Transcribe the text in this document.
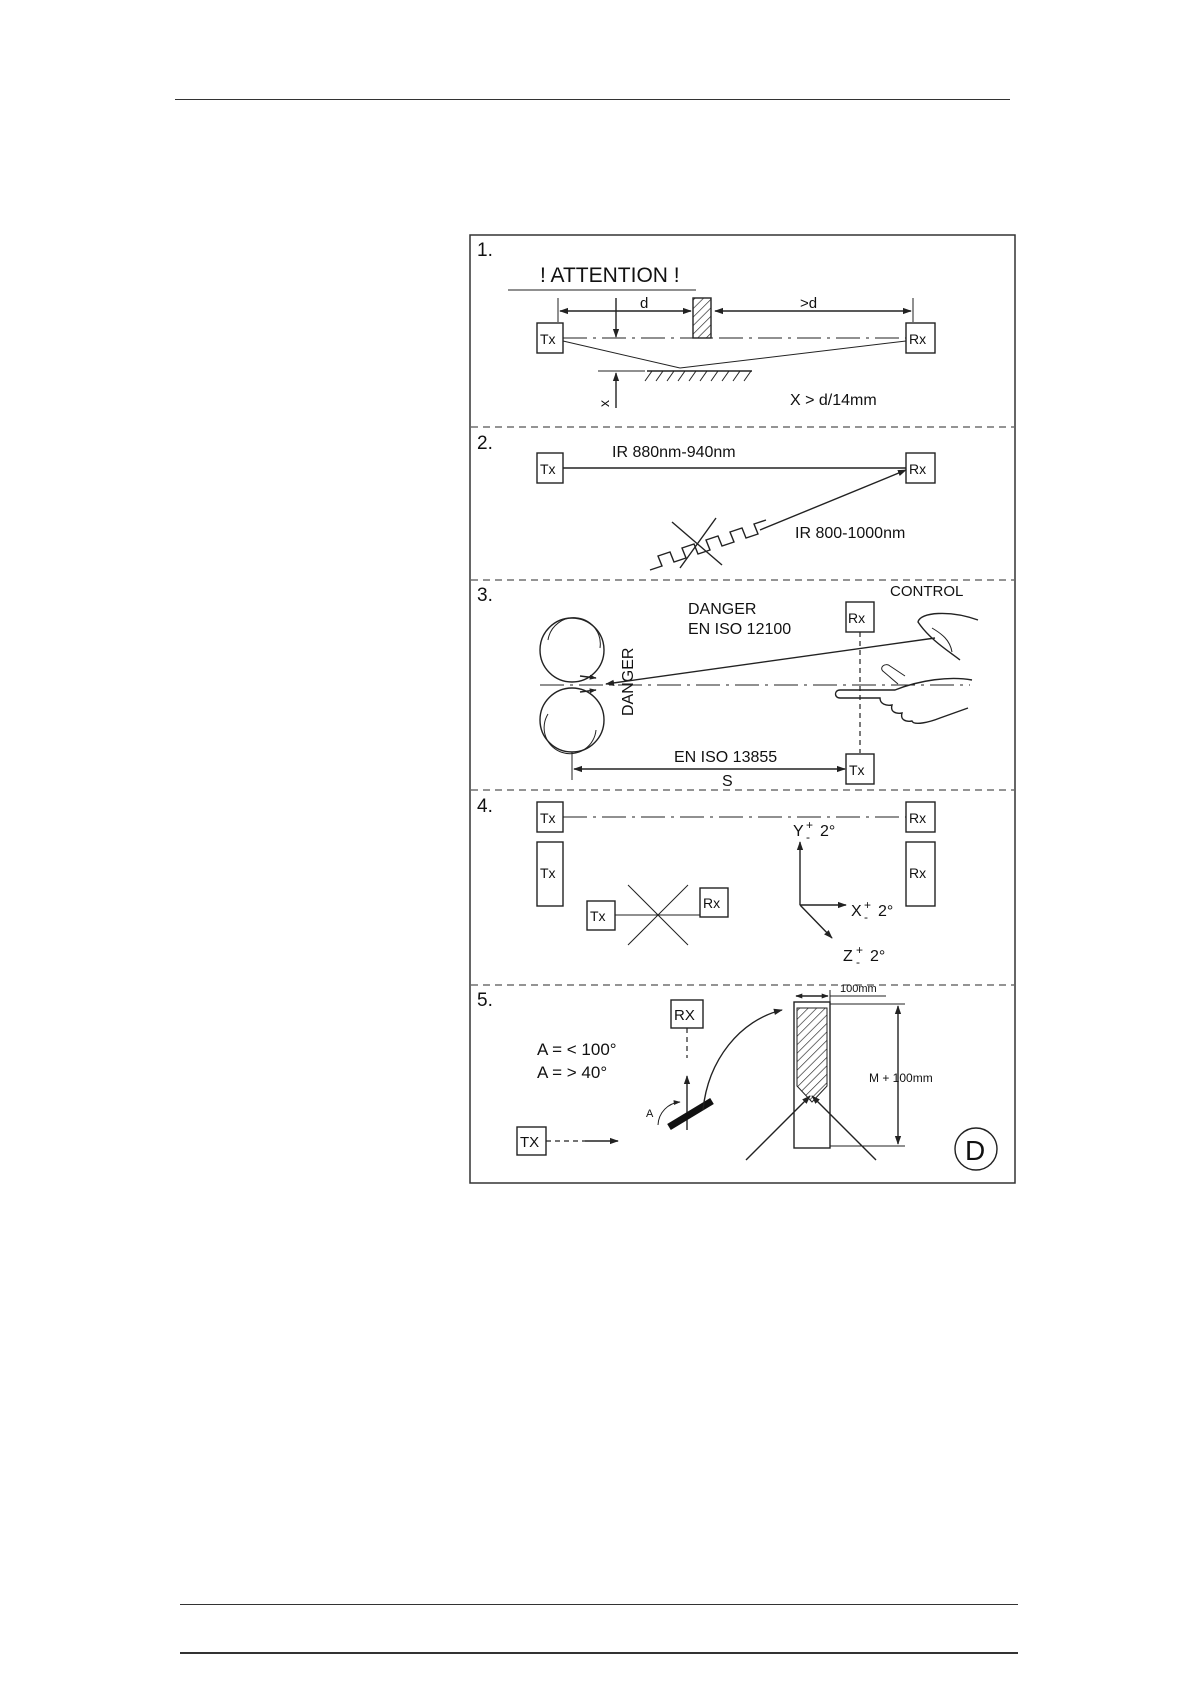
1.
! ATTENTION !
d	>d
Tx	Rx
x	X > d/14mm
2.
Tx	Rx
IR 880nm-940nm
IR 800-1000nm
3.	CONTROL
DANGER
EN ISO 12100
DANGER
Rx
Tx
EN ISO 13855
S
4.
Tx	Rx
Tx	Rx
Tx
Rx
Y +
- 2°
X +
- 2°
Z +
- 2°
5.
RX
TX
A
A = < 100°
A = > 40°
100mm
M + 100mm
D
